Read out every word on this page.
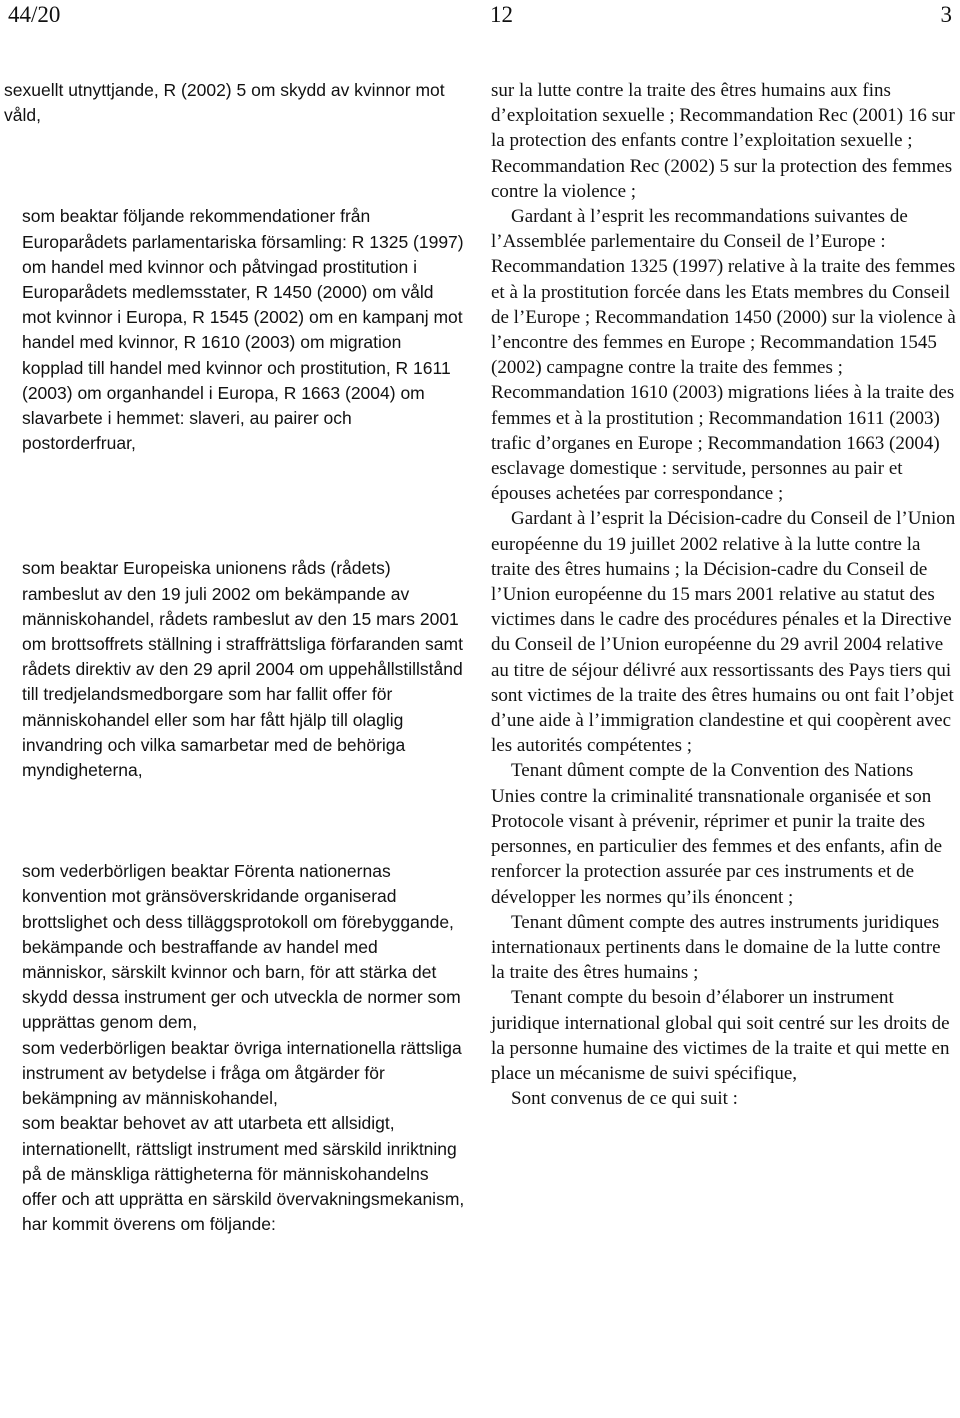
44/20	12	3

sexuellt utnyttjande, R (2002) 5 om skydd av kvinnor mot våld,

som beaktar följande rekommendationer från Europarådets parlamentariska församling: R 1325 (1997) om handel med kvinnor och påtvingad prostitution i Europarådets medlemsstater, R 1450 (2000) om våld mot kvinnor i Europa, R 1545 (2002) om en kampanj mot handel med kvinnor, R 1610 (2003) om migration kopplad till handel med kvinnor och prostitution, R 1611 (2003) om organhandel i Europa, R 1663 (2004) om slavarbete i hemmet: slaveri, au pairer och postorderfruar,

som beaktar Europeiska unionens råds (rådets) rambeslut av den 19 juli 2002 om bekämpande av människohandel, rådets rambeslut av den 15 mars 2001 om brottsoffrets ställning i straffrättsliga förfaranden samt rådets direktiv av den 29 april 2004 om uppehållstillstånd till tredjelandsmedborgare som har fallit offer för människohandel eller som har fått hjälp till olaglig invandring och vilka samarbetar med de behöriga myndigheterna,

som vederbörligen beaktar Förenta nationernas konvention mot gränsöverskridande organiserad brottslighet och dess tilläggsprotokoll om förebyggande, bekämpande och bestraffande av handel med människor, särskilt kvinnor och barn, för att stärka det skydd dessa instrument ger och utveckla de normer som upprättas genom dem,

som vederbörligen beaktar övriga internationella rättsliga instrument av betydelse i fråga om åtgärder för bekämpning av människohandel,

som beaktar behovet av att utarbeta ett allsidigt, internationellt, rättsligt instrument med särskild inriktning på de mänskliga rättigheterna för människohandelns offer och att upprätta en särskild övervakningsmekanism,

har kommit överens om följande:

sur la lutte contre la traite des êtres humains aux fins d’exploitation sexuelle ; Recommandation Rec (2001) 16 sur la protection des enfants contre l’exploitation sexuelle ; Recommandation Rec (2002) 5 sur la protection des femmes contre la violence ;

Gardant à l’esprit les recommandations suivantes de l’Assemblée parlementaire du Conseil de l’Europe : Recommandation 1325 (1997) relative à la traite des femmes et à la prostitution forcée dans les Etats membres du Conseil de l’Europe ; Recommandation 1450 (2000) sur la violence à l’encontre des femmes en Europe ; Recommandation 1545 (2002) campagne contre la traite des femmes ; Recommandation 1610 (2003) migrations liées à la traite des femmes et à la prostitution ; Recommandation 1611 (2003) trafic d’organes en Europe ; Recommandation 1663 (2004) esclavage domestique : servitude, personnes au pair et épouses achetées par correspondance ;

Gardant à l’esprit la Décision-cadre du Conseil de l’Union européenne du 19 juillet 2002 relative à la lutte contre la traite des êtres humains ; la Décision-cadre du Conseil de l’Union européenne du 15 mars 2001 relative au statut des victimes dans le cadre des procédures pénales et la Directive du Conseil de l’Union européenne du 29 avril 2004 relative au titre de séjour délivré aux ressortissants des Pays tiers qui sont victimes de la traite des êtres humains ou ont fait l’objet d’une aide à l’immigration clandestine et qui coopèrent avec les autorités compétentes ;

Tenant dûment compte de la Convention des Nations Unies contre la criminalité transnationale organisée et son Protocole visant à prévenir, réprimer et punir la traite des personnes, en particulier des femmes et des enfants, afin de renforcer la protection assurée par ces instruments et de développer les normes qu’ils énoncent ;

Tenant dûment compte des autres instruments juridiques internationaux pertinents dans le domaine de la lutte contre la traite des êtres humains ;

Tenant compte du besoin d’élaborer un instrument juridique international global qui soit centré sur les droits de la personne humaine des victimes de la traite et qui mette en place un mécanisme de suivi spécifique,

Sont convenus de ce qui suit :
